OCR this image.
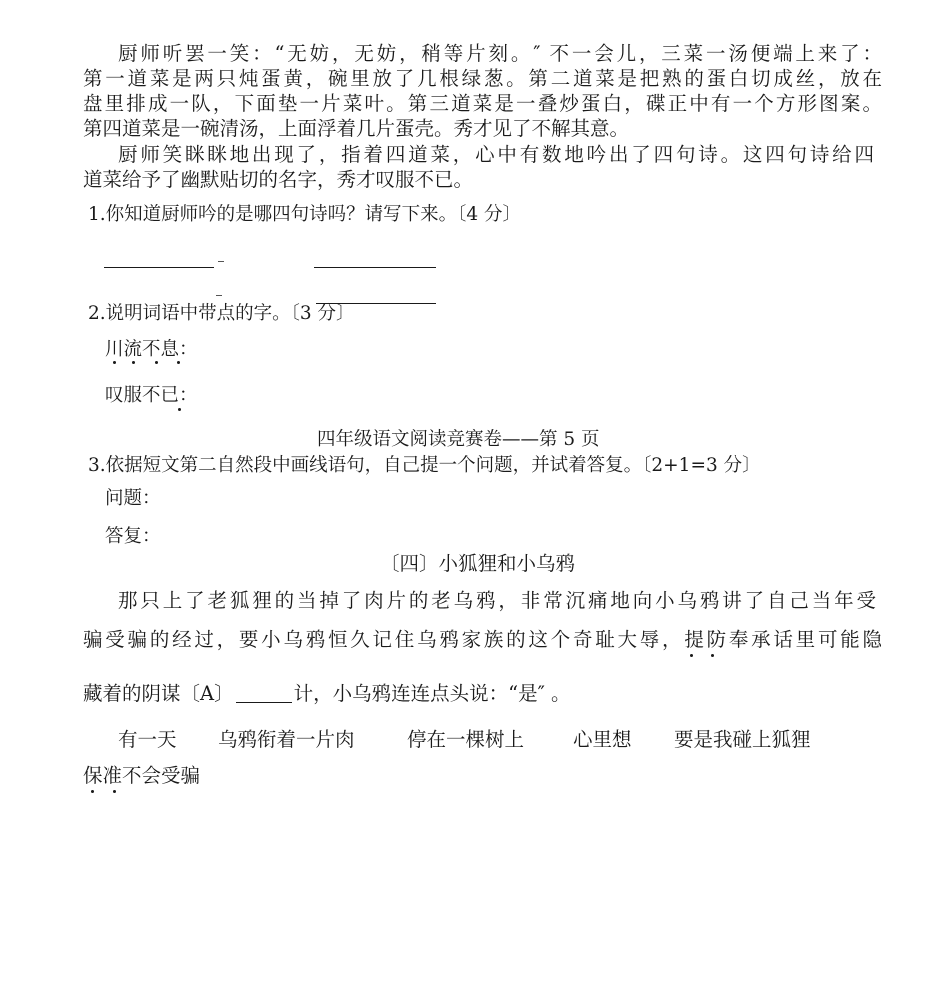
厨师听罢一笑：“无妨，无妨，稍等片刻。″ 不一会儿，三菜一汤便端上来了：
第一道菜是两只炖蛋黄，碗里放了几根绿葱。第二道菜是把熟的蛋白切成丝，放在
盘里排成一队，下面垫一片菜叶。第三道菜是一叠炒蛋白，碟正中有一个方形图案。
第四道菜是一碗清汤，上面浮着几片蛋壳。秀才见了不解其意。
厨师笑眯眯地出现了，指着四道菜，心中有数地吟出了四句诗。这四句诗给四
道菜给予了幽默贴切的名字，秀才叹服不已。
1.你知道厨师吟的是哪四句诗吗？请写下来。〔4 分〕
2.说明词语中带点的字。〔3 分〕
川流不息：
叹服不已：
四年级语文阅读竞赛卷——第 5 页
3.依据短文第二自然段中画线语句，自己提一个问题，并试着答复。〔2+1=3 分〕
问题：
答复：
〔四〕小狐狸和小乌鸦
那只上了老狐狸的当掉了肉片的老乌鸦，非常沉痛地向小乌鸦讲了自己当年受
骗受骗的经过，要小乌鸦恒久记住乌鸦家族的这个奇耻大辱，提防奉承话里可能隐
藏着的阴谋〔A〕	计，小乌鸦连连点头说：“是″ 。
有一天 乌鸦衔着一片肉	停在一棵树上	心里想 要是我碰上狐狸
保准不会受骗
